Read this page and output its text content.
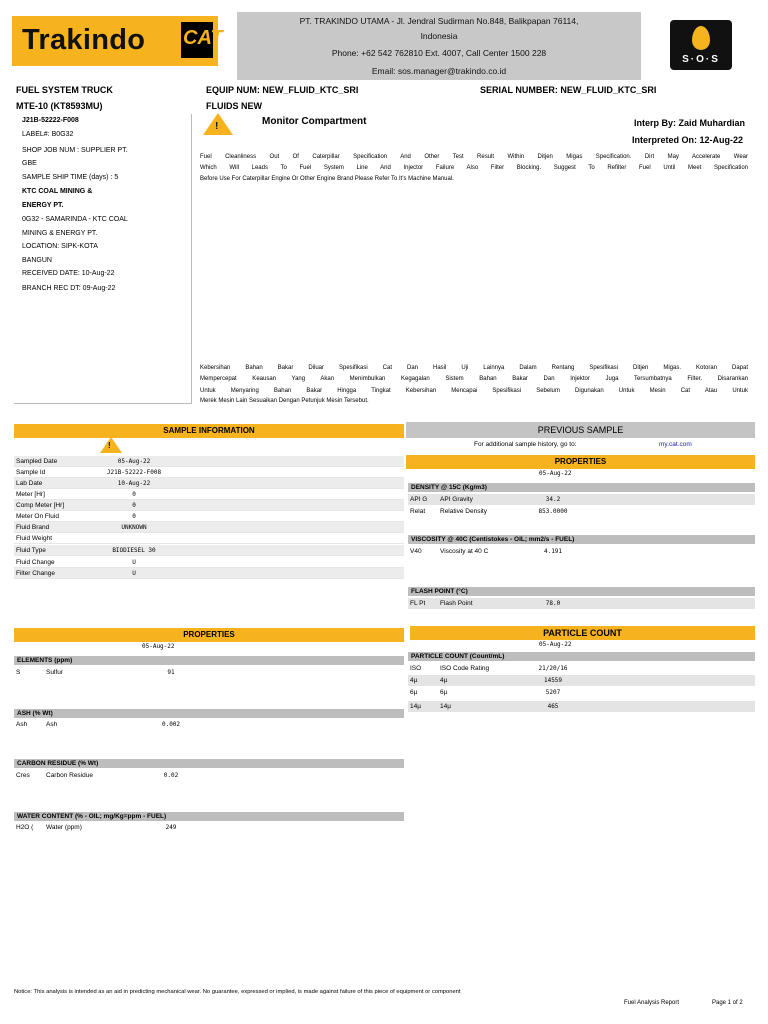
Trakindo CAT
PT. TRAKINDO UTAMA - Jl. Jendral Sudirman No.848, Balikpapan 76114,
Indonesia
Phone: +62 542 762810 Ext. 4007, Call Center 1500 228
Email: sos.manager@trakindo.co.id
S·O·S
FUEL SYSTEM TRUCK
MTE-10 (KT8593MU)
EQUIP NUM: NEW_FLUID_KTC_SRI
FLUIDS NEW
SERIAL NUMBER: NEW_FLUID_KTC_SRI
J21B-52222-F008
LABEL#: B0G32
SHOP JOB NUM : SUPPLIER PT.
GBE
SAMPLE SHIP TIME (days) : 5
KTC COAL MINING &
ENERGY PT.
0G32 - SAMARINDA - KTC COAL
MINING & ENERGY PT.
LOCATION: SIPK-KOTA
BANGUN
RECEIVED DATE: 10-Aug-22
BRANCH REC DT: 09-Aug-22
!	Monitor Compartment	Interp By: Zaid Muhardian
Interpreted On: 12-Aug-22
Fuel Cleanliness Out Of Caterpillar Specification And Other Test Result Within Ditjen Migas Specification. Dirt May Accelerate Wear
Which Will Leads To Fuel System Line And Injector Failure Also Filter Blocking. Suggest To Refilter Fuel Until Meet Specification
Before Use For Caterpillar Engine Or Other Engine Brand Please Refer To It's Machine Manual.
Kebersihan Bahan Bakar Diluar Spesifikasi Cat Dan Hasil Uji Lainnya Dalam Rentang Spesifikasi Ditjen Migas. Kotoran Dapat
Mempercepat Keausan Yang Akan Menimbulkan Kegagalan Sistem Bahan Bakar Dan Injektor Juga Tersumbatnya Filter. Disarankan
Untuk Menyaring Bahan Bakar Hingga Tingkat Kebersihan Mencapai Spesifikasi Sebelum Digunakan Untuk Mesin Cat Atau Untuk
Merek Mesin Lain Sesuaikan Dengan Petunjuk Mesin Tersebut.
SAMPLE INFORMATION
!
Sampled Date	05-Aug-22
Sample Id	J21B-52222-F008
Lab Date	10-Aug-22
Meter [Hr]	0
Comp Meter [Hr]	0
Meter On Fluid	0
Fluid Brand	UNKNOWN
Fluid Weight
Fluid Type	BIODIESEL 30
Fluid Change	U
Filter Change	U
PREVIOUS SAMPLE
For additional sample history, go to:	my.cat.com
PROPERTIES
05-Aug-22
DENSITY @ 15C (Kg/m3)
API G API Gravity	34.2
Relat Relative Density	853.0000
VISCOSITY @ 40C (Centistokes - OIL; mm2/s - FUEL)
V40	Viscosity at 40 C	4.191
FLASH POINT (°C)
FL Pt Flash Point	78.0
PROPERTIES
05-Aug-22
ELEMENTS (ppm)
S	Sulfur	91
ASH (% Wt)
Ash	Ash	0.002
CARBON RESIDUE (% Wt)
Cres	Carbon Residue	0.02
WATER CONTENT (% - OIL; mg/Kg=ppm - FUEL)
H2O ( Water (ppm)	249
PARTICLE COUNT
05-Aug-22
PARTICLE COUNT (Count/mL)
ISO	ISO Code Rating	21/20/16
4µ	4µ	14559
6µ	6µ	5207
14µ	14µ	465
Notice: This analysis is intended as an aid in predicting mechanical wear. No guarantee, expressed or implied, is made against failure of this piece of equipment or component
Fuel Analysis Report	Page 1 of 2
